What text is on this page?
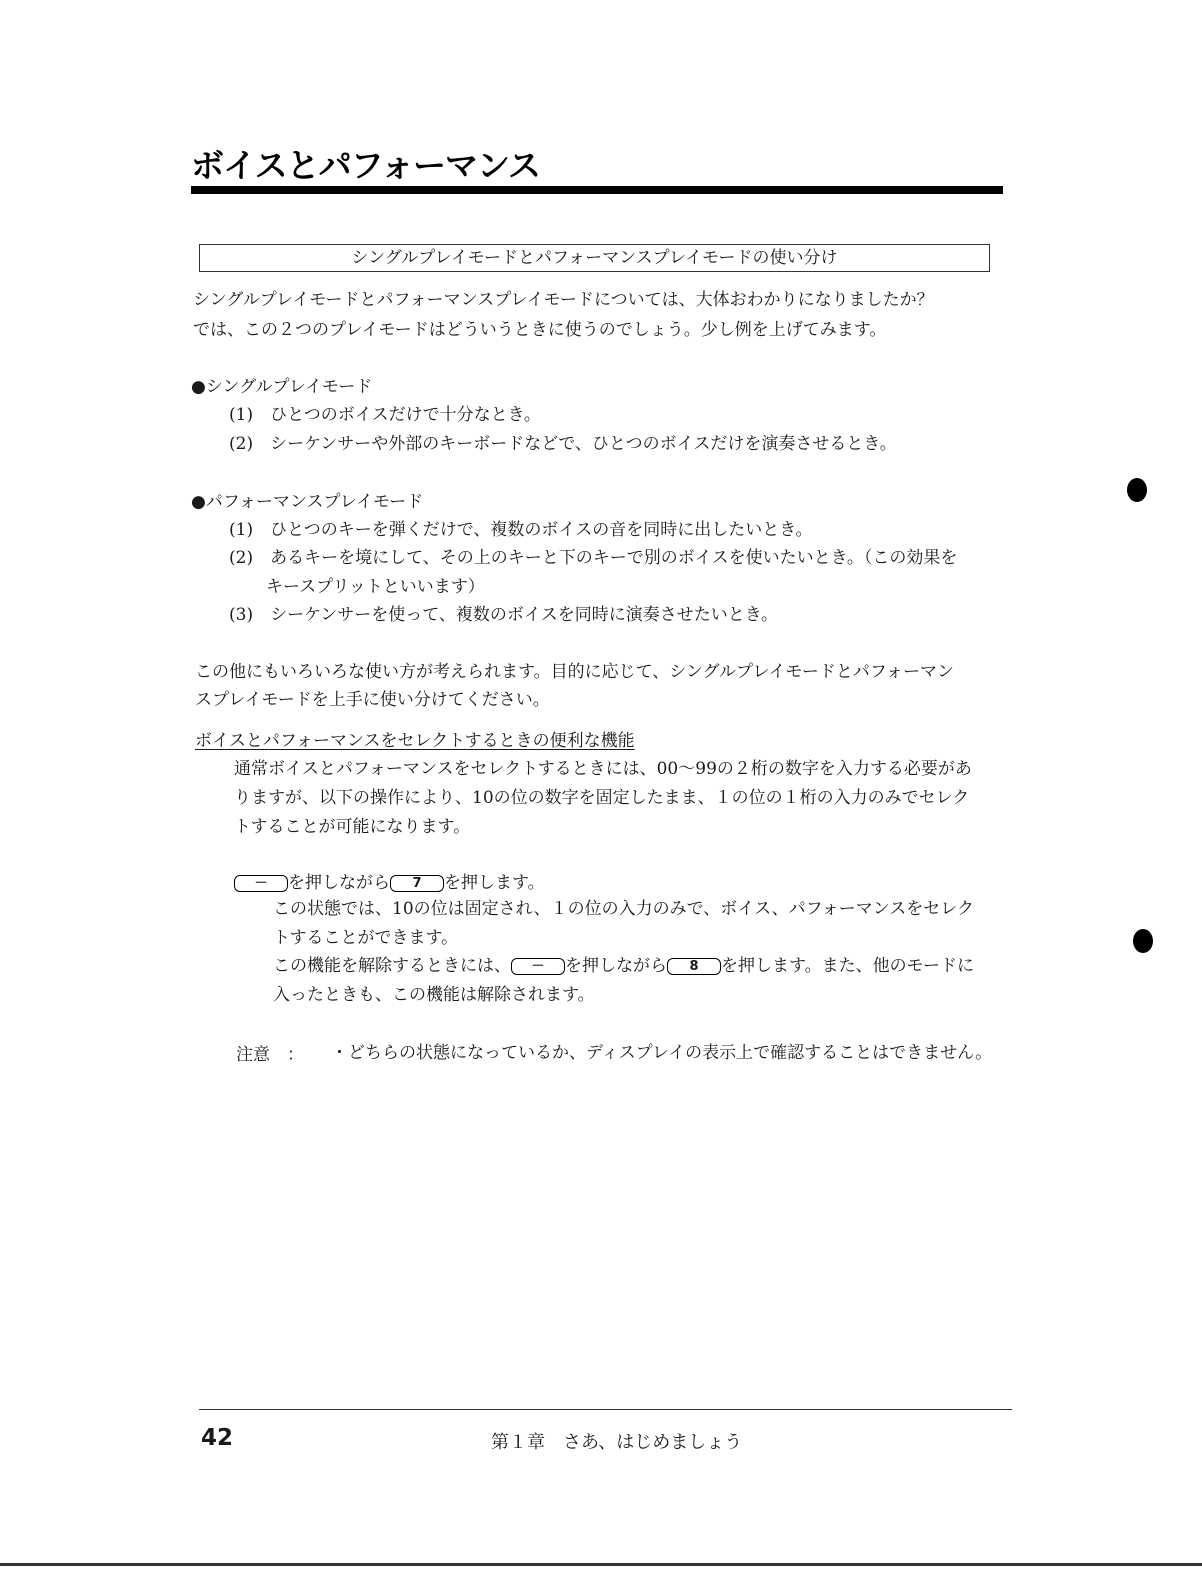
ボイスとパフォーマンス
シングルプレイモードとパフォーマンスプレイモードの使い分け
シングルプレイモードとパフォーマンスプレイモードについては、大体おわかりになりましたか？
では、この２つのプレイモードはどういうときに使うのでしょう。少し例を上げてみます。
●シングルプレイモード
(1)　 ひとつのボイスだけで十分なとき。
(2)　 シーケンサーや外部のキーボードなどで、ひとつのボイスだけを演奏させるとき。
●パフォーマンスプレイモード
(1)　 ひとつのキーを弾くだけで、複数のボイスの音を同時に出したいとき。
(2)　 あるキーを境にして、その上のキーと下のキーで別のボイスを使いたいとき。（この効果を
キースプリットといいます）
(3)　 シーケンサーを使って、複数のボイスを同時に演奏させたいとき。
この他にもいろいろな使い方が考えられます。目的に応じて、シングルプレイモードとパフォーマン
スプレイモードを上手に使い分けてください。
ボイスとパフォーマンスをセレクトするときの便利な機能
通常ボイスとパフォーマンスをセレクトするときには、00～99の２桁の数字を入力する必要があ
りますが、以下の操作により、10の位の数字を固定したまま、１の位の１桁の入力のみでセレク
トすることが可能になります。
－ を押しながら 7 を押します。
この状態では、10の位は固定され、１の位の入力のみで、ボイス、パフォーマンスをセレク
トすることができます。
この機能を解除するときには、 － を押しながら 8 を押します。また、他のモードに
入ったときも、この機能は解除されます。
注意　： ・どちらの状態になっているか、ディスプレイの表示上で確認することはできません。
42	第１章　さあ、はじめましょう
